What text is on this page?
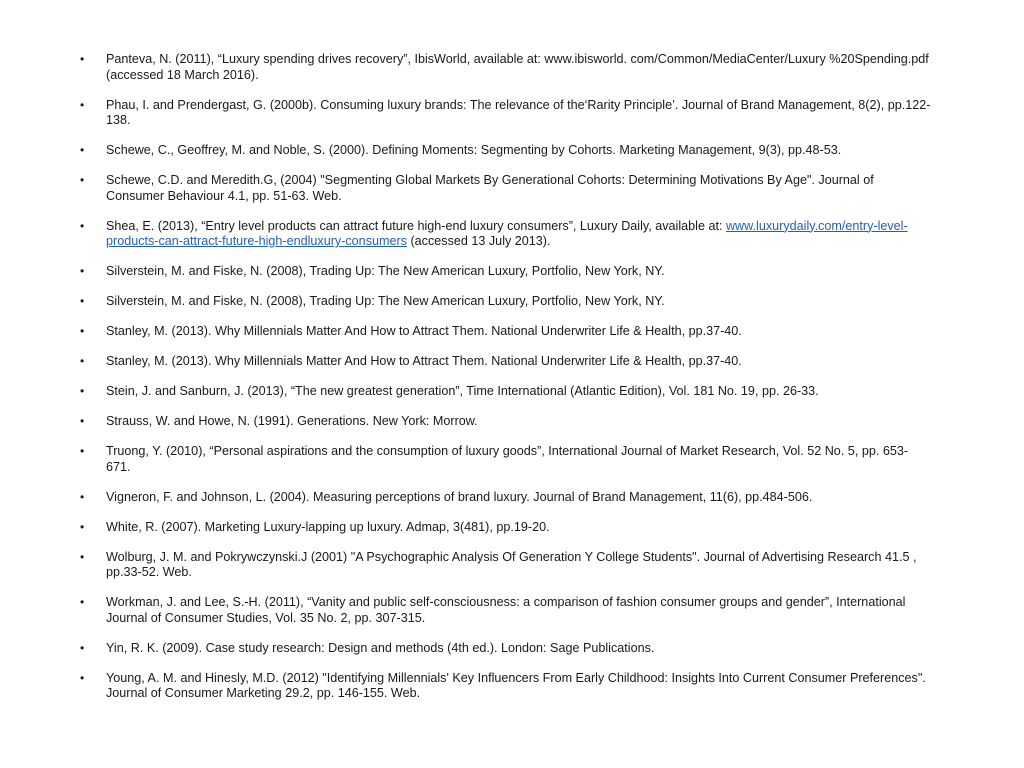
• Panteva, N. (2011), “Luxury spending drives recovery”, IbisWorld, available at: www.ibisworld. com/Common/MediaCenter/Luxury %20Spending.pdf (accessed 18 March 2016).
• Phau, I. and Prendergast, G. (2000b). Consuming luxury brands: The relevance of the‘Rarity Principle’. Journal of Brand Management, 8(2), pp.122-138.
• Schewe, C., Geoffrey, M. and Noble, S. (2000). Defining Moments: Segmenting by Cohorts. Marketing Management, 9(3), pp.48-53.
• Schewe, C.D. and Meredith.G, (2004) "Segmenting Global Markets By Generational Cohorts: Determining Motivations By Age". Journal of Consumer Behaviour 4.1, pp. 51-63. Web.
• Shea, E. (2013), “Entry level products can attract future high-end luxury consumers”, Luxury Daily, available at: www.luxurydaily.com/entry-level-products-can-attract-future-high-endluxury-consumers (accessed 13 July 2013).
• Silverstein, M. and Fiske, N. (2008), Trading Up: The New American Luxury, Portfolio, New York, NY.
• Silverstein, M. and Fiske, N. (2008), Trading Up: The New American Luxury, Portfolio, New York, NY.
• Stanley, M. (2013). Why Millennials Matter And How to Attract Them. National Underwriter Life & Health, pp.37-40.
• Stanley, M. (2013). Why Millennials Matter And How to Attract Them. National Underwriter Life & Health, pp.37-40.
• Stein, J. and Sanburn, J. (2013), “The new greatest generation”, Time International (Atlantic Edition), Vol. 181 No. 19, pp. 26-33.
• Strauss, W. and Howe, N. (1991). Generations. New York: Morrow.
• Truong, Y. (2010), “Personal aspirations and the consumption of luxury goods”, International Journal of Market Research, Vol. 52 No. 5, pp. 653-671.
• Vigneron, F. and Johnson, L. (2004). Measuring perceptions of brand luxury. Journal of Brand Management, 11(6), pp.484-506.
• White, R. (2007). Marketing Luxury-lapping up luxury. Admap, 3(481), pp.19-20.
• Wolburg, J. M. and Pokrywczynski.J (2001) "A Psychographic Analysis Of Generation Y College Students". Journal of Advertising Research 41.5 , pp.33-52. Web.
• Workman, J. and Lee, S.-H. (2011), “Vanity and public self-consciousness: a comparison of fashion consumer groups and gender”, International Journal of Consumer Studies, Vol. 35 No. 2, pp. 307-315.
• Yin, R. K. (2009). Case study research: Design and methods (4th ed.). London: Sage Publications.
• Young, A. M. and Hinesly, M.D. (2012) "Identifying Millennials' Key Influencers From Early Childhood: Insights Into Current Consumer Preferences". Journal of Consumer Marketing 29.2, pp. 146-155. Web.
